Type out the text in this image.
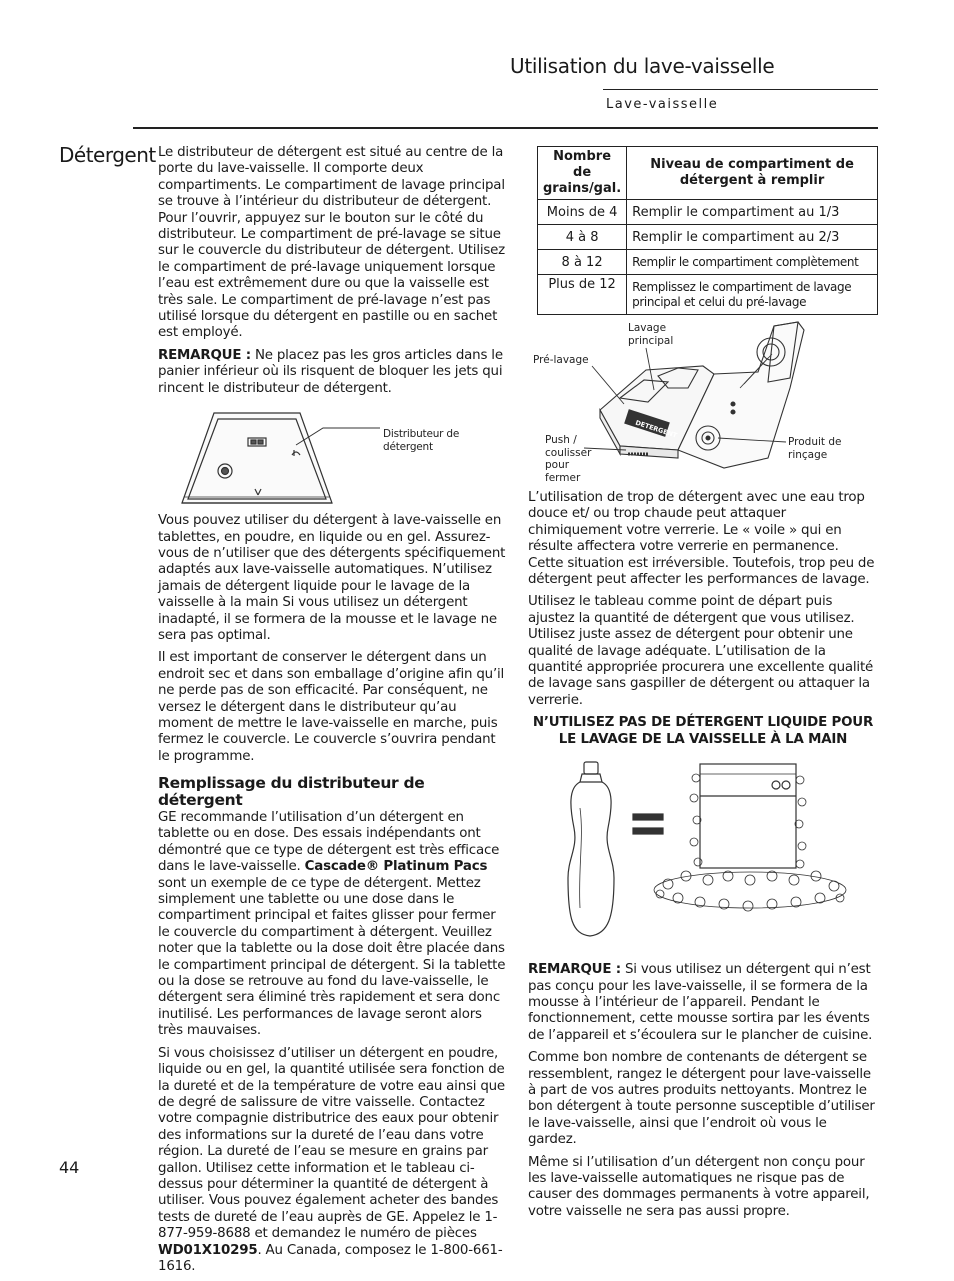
Utilisation du lave-vaisselle
Lave-vaisselle
Détergent Le distributeur de détergent est situé au centre de la porte du lave-vaisselle. Il comporte deux compartiments. Le compartiment de lavage principal se trouve à l’intérieur du distributeur de détergent. Pour l’ouvrir, appuyez sur le bouton sur le côté du distributeur. Le compartiment de pré-lavage se situe sur le couvercle du distributeur de détergent. Utilisez le compartiment de pré-lavage uniquement lorsque l’eau est extrêmement dure ou que la vaisselle est très sale. Le compartiment de pré-lavage n’est pas utilisé lorsque du détergent en pastille ou en sachet est employé.

REMARQUE : Ne placez pas les gros articles dans le panier inférieur où ils risquent de bloquer les jets qui rincent le distributeur de détergent.

Distributeur de détergent

Vous pouvez utiliser du détergent à lave-vaisselle en tablettes, en poudre, en liquide ou en gel. Assurez-vous de n’utiliser que des détergents spécifiquement adaptés aux lave-vaisselle automatiques. N’utilisez jamais de détergent liquide pour le lavage de la vaisselle à la main Si vous utilisez un détergent inadapté, il se formera de la mousse et le lavage ne sera pas optimal.

Il est important de conserver le détergent dans un endroit sec et dans son emballage d’origine afin qu’il ne perde pas de son efficacité. Par conséquent, ne versez le détergent dans le distributeur qu’au moment de mettre le lave-vaisselle en marche, puis fermez le couvercle. Le couvercle s’ouvrira pendant le programme.

Remplissage du distributeur de détergent

GE recommande l’utilisation d’un détergent en tablette ou en dose. Des essais indépendants ont démontré que ce type de détergent est très efficace dans le lave-vaisselle. Cascade® Platinum Pacs sont un exemple de ce type de détergent. Mettez simplement une tablette ou une dose dans le compartiment principal et faites glisser pour fermer le couvercle du compartiment à détergent. Veuillez noter que la tablette ou la dose doit être placée dans le compartiment principal de détergent. Si la tablette ou la dose se retrouve au fond du lave-vaisselle, le détergent sera éliminé très rapidement et sera donc inutilisé. Les performances de lavage seront alors très mauvaises.

Si vous choisissez d’utiliser un détergent en poudre, liquide ou en gel, la quantité utilisée sera fonction de la dureté et de la température de votre eau ainsi que de degré de salissure de vitre vaisselle. Contactez votre compagnie distributrice des eaux pour obtenir des informations sur la dureté de l’eau dans votre région. La dureté de l’eau se mesure en grains par gallon. Utilisez cette information et le tableau ci-dessus pour déterminer la quantité de détergent à utiliser. Vous pouvez également acheter des bandes tests de dureté de l’eau auprès de GE. Appelez le 1-877-959-8688 et demandez le numéro de pièces WD01X10295. Au Canada, composez le 1-800-661-1616.

44
Nombre de grains/gal.	Niveau de compartiment de détergent à remplir
Moins de 4	Remplir le compartiment au 1/3
4 à 8	Remplir le compartiment au 2/3
8 à 12	Remplir le compartiment complètement
Plus de 12	Remplissez le compartiment de lavage principal et celui du pré-lavage
DETERGENT
Pré-lavage
Lavage principal
Push / coulisser pour fermer
Produit de rinçage

L’utilisation de trop de détergent avec une eau trop douce et/ ou trop chaude peut attaquer chimiquement votre verrerie. Le « voile » qui en résulte affectera votre verrerie en permanence. Cette situation est irréversible. Toutefois, trop peu de détergent peut affecter les performances de lavage.

Utilisez le tableau comme point de départ puis ajustez la quantité de détergent que vous utilisez. Utilisez juste assez de détergent pour obtenir une qualité de lavage adéquate. L’utilisation de la quantité appropriée procurera une excellente qualité de lavage sans gaspiller de détergent ou attaquer la verrerie.

N’UTILISEZ PAS DE DÉTERGENT LIQUIDE POUR LE LAVAGE DE LA VAISSELLE À LA MAIN

REMARQUE : Si vous utilisez un détergent qui n’est pas conçu pour les lave-vaisselle, il se formera de la mousse à l’intérieur de l’appareil. Pendant le fonctionnement, cette mousse sortira par les évents de l’appareil et s’écoulera sur le plancher de cuisine.

Comme bon nombre de contenants de détergent se ressemblent, rangez le détergent pour lave-vaisselle à part de vos autres produits nettoyants. Montrez le bon détergent à toute personne susceptible d’utiliser le lave-vaisselle, ainsi que l’endroit où vous le gardez.

Même si l’utilisation d’un détergent non conçu pour les lave-vaisselle automatiques ne risque pas de causer des dommages permanents à votre appareil, votre vaisselle ne sera pas aussi propre.
